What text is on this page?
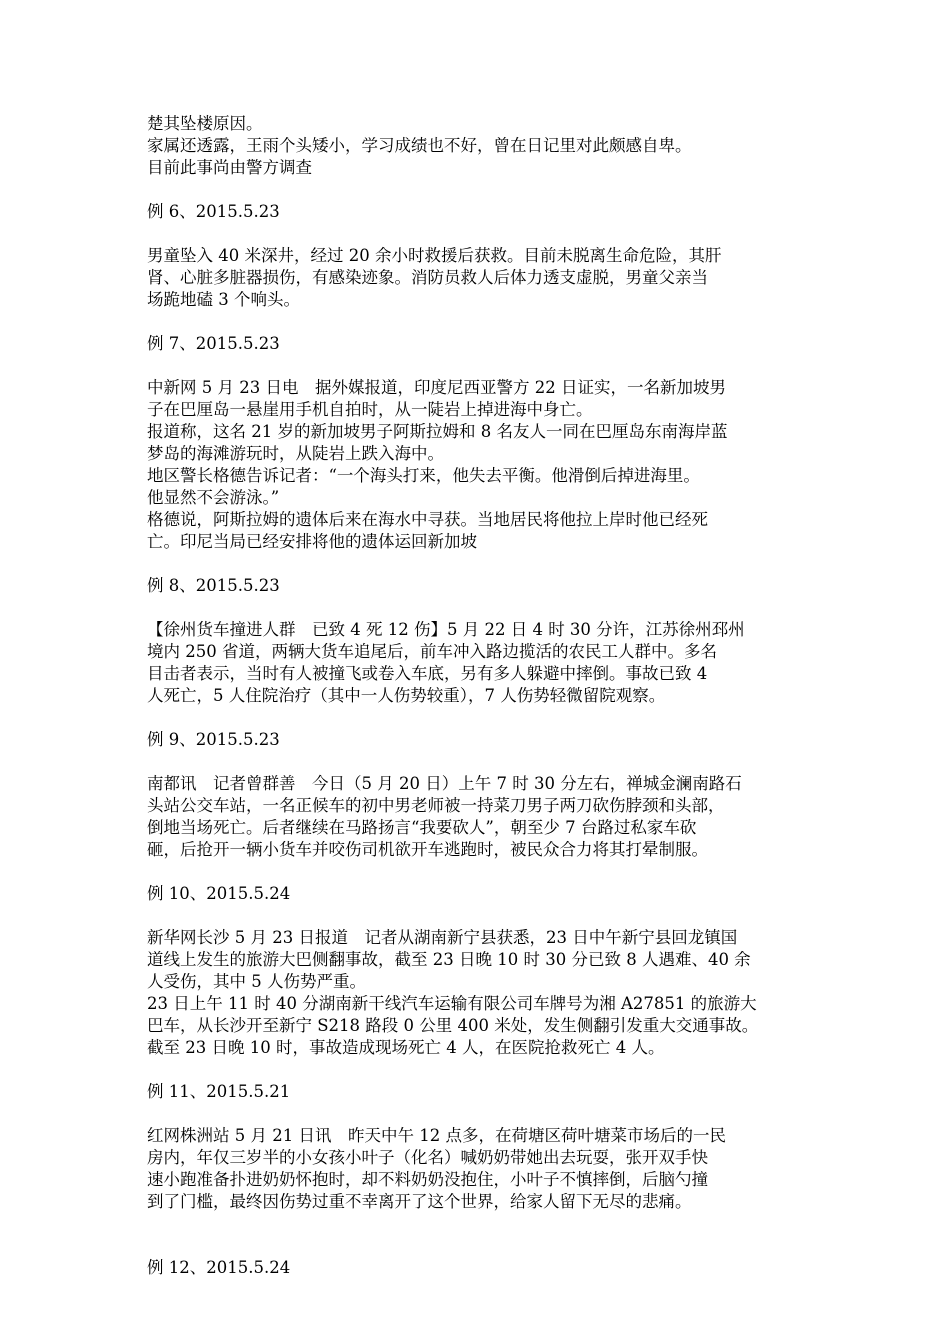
楚其坠楼原因。
家属还透露，王雨个头矮小，学习成绩也不好，曾在日记里对此颇感自卑。
目前此事尚由警方调查
例 6、2015.5.23
男童坠入 40 米深井，经过 20 余小时救援后获救。目前未脱离生命危险，其肝
肾、心脏多脏器损伤，有感染迹象。消防员救人后体力透支虚脱，男童父亲当
场跪地磕 3 个响头。
例 7、2015.5.23
中新网 5 月 23 日电　据外媒报道，印度尼西亚警方 22 日证实，一名新加坡男
子在巴厘岛一悬崖用手机自拍时，从一陡岩上掉进海中身亡。
报道称，这名 21 岁的新加坡男子阿斯拉姆和 8 名友人一同在巴厘岛东南海岸蓝
梦岛的海滩游玩时，从陡岩上跌入海中。
地区警长格德告诉记者：“一个海头打来，他失去平衡。他滑倒后掉进海里。
他显然不会游泳。”
格德说，阿斯拉姆的遗体后来在海水中寻获。当地居民将他拉上岸时他已经死
亡。印尼当局已经安排将他的遗体运回新加坡
例 8、2015.5.23
【徐州货车撞进人群　已致 4 死 12 伤】5 月 22 日 4 时 30 分许，江苏徐州邳州
境内 250 省道，两辆大货车追尾后，前车冲入路边揽活的农民工人群中。多名
目击者表示，当时有人被撞飞或卷入车底，另有多人躲避中摔倒。事故已致 4
人死亡，5 人住院治疗（其中一人伤势较重），7 人伤势轻微留院观察。
例 9、2015.5.23
南都讯　记者曾群善　今日（5 月 20 日）上午 7 时 30 分左右，禅城金澜南路石
头站公交车站，一名正候车的初中男老师被一持菜刀男子两刀砍伤脖颈和头部，
倒地当场死亡。后者继续在马路扬言“我要砍人”，朝至少 7 台路过私家车砍
砸，后抢开一辆小货车并咬伤司机欲开车逃跑时，被民众合力将其打晕制服。
例 10、2015.5.24
新华网长沙 5 月 23 日报道　记者从湖南新宁县获悉，23 日中午新宁县回龙镇国
道线上发生的旅游大巴侧翻事故，截至 23 日晚 10 时 30 分已致 8 人遇难、40 余
人受伤，其中 5 人伤势严重。
23 日上午 11 时 40 分湖南新干线汽车运输有限公司车牌号为湘 A27851 的旅游大
巴车，从长沙开至新宁 S218 路段 0 公里 400 米处，发生侧翻引发重大交通事故。
截至 23 日晚 10 时，事故造成现场死亡 4 人，在医院抢救死亡 4 人。
例 11、2015.5.21
红网株洲站 5 月 21 日讯　昨天中午 12 点多，在荷塘区荷叶塘菜市场后的一民
房内，年仅三岁半的小女孩小叶子（化名）喊奶奶带她出去玩耍，张开双手快
速小跑准备扑进奶奶怀抱时，却不料奶奶没抱住，小叶子不慎摔倒，后脑勺撞
到了门槛，最终因伤势过重不幸离开了这个世界，给家人留下无尽的悲痛。
例 12、2015.5.24
